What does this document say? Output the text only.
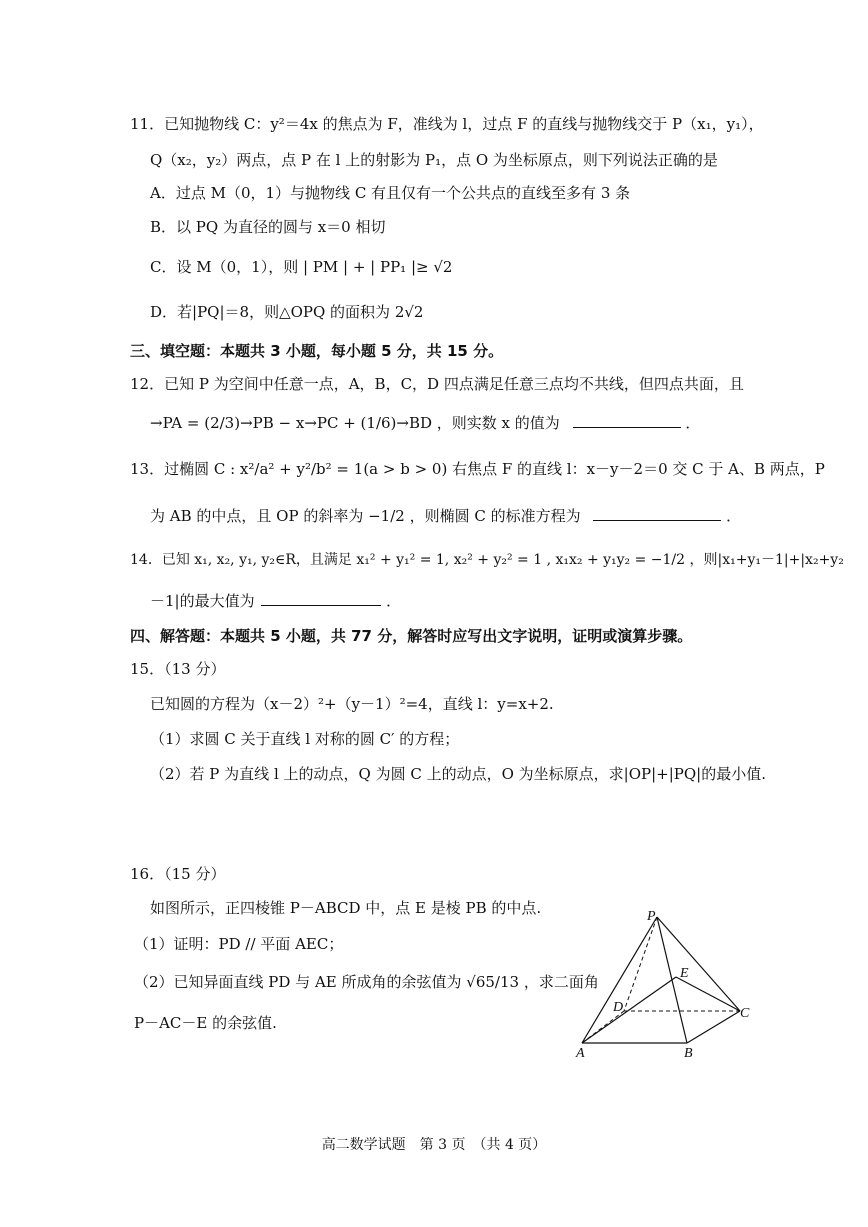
11．已知抛物线 C：y²＝4x 的焦点为 F，准线为 l，过点 F 的直线与抛物线交于 P（x₁，y₁），
Q（x₂，y₂）两点，点 P 在 l 上的射影为 P₁，点 O 为坐标原点，则下列说法正确的是
A．过点 M（0，1）与抛物线 C 有且仅有一个公共点的直线至多有 3 条
B．以 PQ 为直径的圆与 x＝0 相切
C．设 M（0，1），则 | PM | + | PP₁ |≥ √2
D．若|PQ|＝8，则△OPQ 的面积为 2√2
三、填空题：本题共 3 小题，每小题 5 分，共 15 分。
12．已知 P 为空间中任意一点，A，B，C，D 四点满足任意三点均不共线，但四点共面，且
→PA = (2/3)→PB − x→PC + (1/6)→BD ，则实数 x 的值为	．
13．过椭圆 C : x²/a² + y²/b² = 1(a > b > 0) 右焦点 F 的直线 l：x－y－2＝0 交 C 于 A、B 两点，P
为 AB 的中点，且 OP 的斜率为 −1/2 ，则椭圆 C 的标准方程为	．
14．已知 x₁, x₂, y₁, y₂∈R，且满足 x₁² + y₁² = 1, x₂² + y₂² = 1 , x₁x₂ + y₁y₂ = −1/2 ，则|x₁+y₁－1|+|x₂+y₂
－1|的最大值为	．
四、解答题：本题共 5 小题，共 77 分，解答时应写出文字说明，证明或演算步骤。
15．（13 分）
已知圆的方程为（x－2）²+（y－1）²=4，直线 l：y=x+2.
（1）求圆 C 关于直线 l 对称的圆 C′ 的方程；
（2）若 P 为直线 l 上的动点，Q 为圆 C 上的动点，O 为坐标原点，求|OP|+|PQ|的最小值.
16．（15 分）
如图所示，正四棱锥 P－ABCD 中，点 E 是棱 PB 的中点.
（1）证明：PD // 平面 AEC；
（2）已知异面直线 PD 与 AE 所成角的余弦值为 √65/13 ，求二面角
P－AC－E 的余弦值.
P
E
D	C
A	B
高二数学试题　第 3 页　（共 4 页）
